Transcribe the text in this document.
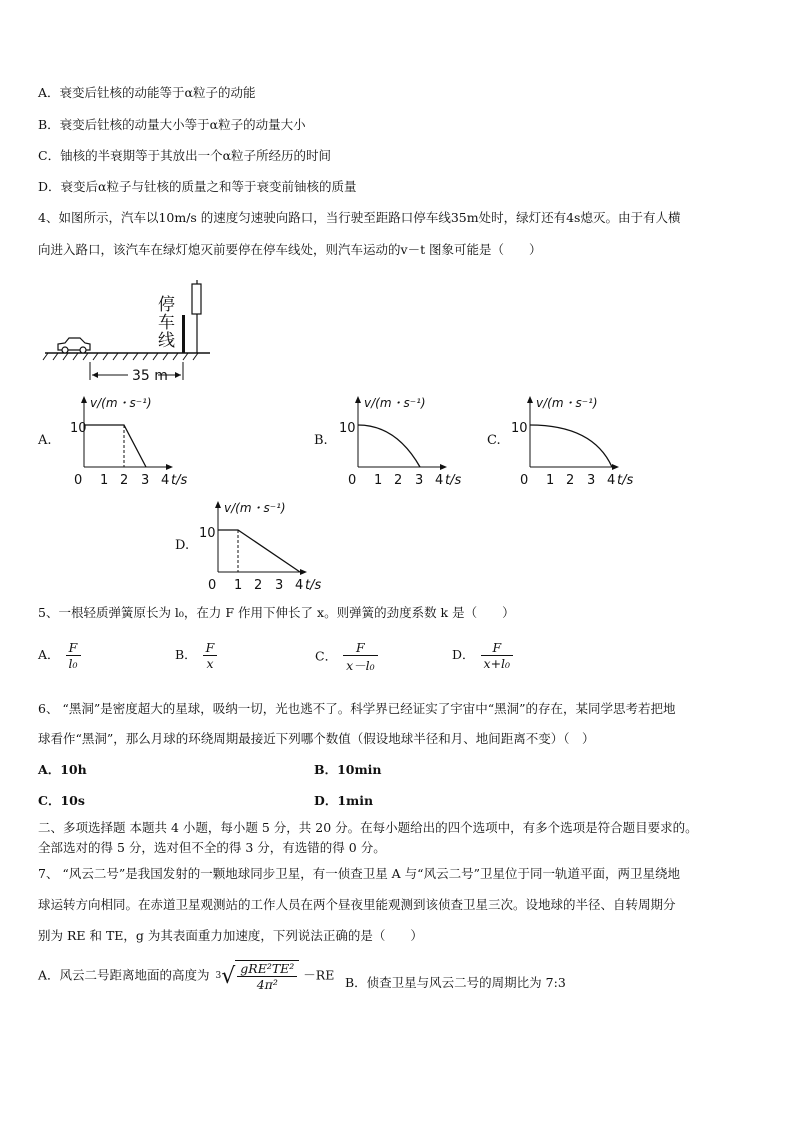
A．衰变后钍核的动能等于α粒子的动能
B．衰变后钍核的动量大小等于α粒子的动量大小
C．铀核的半衰期等于其放出一个α粒子所经历的时间
D．衰变后α粒子与钍核的质量之和等于衰变前铀核的质量
4、如图所示，汽车以10m/s 的速度匀速驶向路口，当行驶至距路口停车线35m处时，绿灯还有4s熄灭。由于有人横
向进入路口，该汽车在绿灯熄灭前要停在停车线处，则汽车运动的v－t 图象可能是（　　）
停
车
线
35 m
A.	B.	C.
D.
v/(m・s⁻¹)
10
0 1 2 3 4 t/s
v/(m・s⁻¹)
10
0 1 2 3 4 t/s
v/(m・s⁻¹)
10
0 1 2 3 4 t/s
v/(m・s⁻¹)
10
0 1 2 3 4 t/s
5、一根轻质弹簧原长为 l₀，在力 F 作用下伸长了 x。则弹簧的劲度系数 k 是（　　）
A． $\frac{F}{\text{l₀}}$	B． $\frac{F}{x}$	C． $\frac{F}{\text{x－l₀}}$	D． $\frac{F}{\text{x+l₀}}$
6、 “黑洞”是密度超大的星球，吸纳一切，光也逃不了。科学界已经证实了宇宙中“黑洞”的存在，某同学思考若把地
球看作“黑洞”，那么月球的环绕周期最接近下列哪个数值（假设地球半径和月、地间距离不变）（　）
A．10h	B．10min
C．10s	D．1min
二、多项选择题 本题共 4 小题，每小题 5 分，共 20 分。在每小题给出的四个选项中，有多个选项是符合题目要求的。
全部选对的得 5 分，选对但不全的得 3 分，有选错的得 0 分。
7、 “风云二号”是我国发射的一颗地球同步卫星，有一侦查卫星 A 与“风云二号”卫星位于同一轨道平面，两卫星绕地
球运转方向相同。在赤道卫星观测站的工作人员在两个昼夜里能观测到该侦查卫星三次。设地球的半径、自转周期分
别为 RE 和 TE，g 为其表面重力加速度，下列说法正确的是（　　）
A．风云二号距离地面的高度为 $3√ \frac{\text{gRE²TE²}}{\text{4π²}} -RE$ B．侦查卫星与风云二号的周期比为 7:3
